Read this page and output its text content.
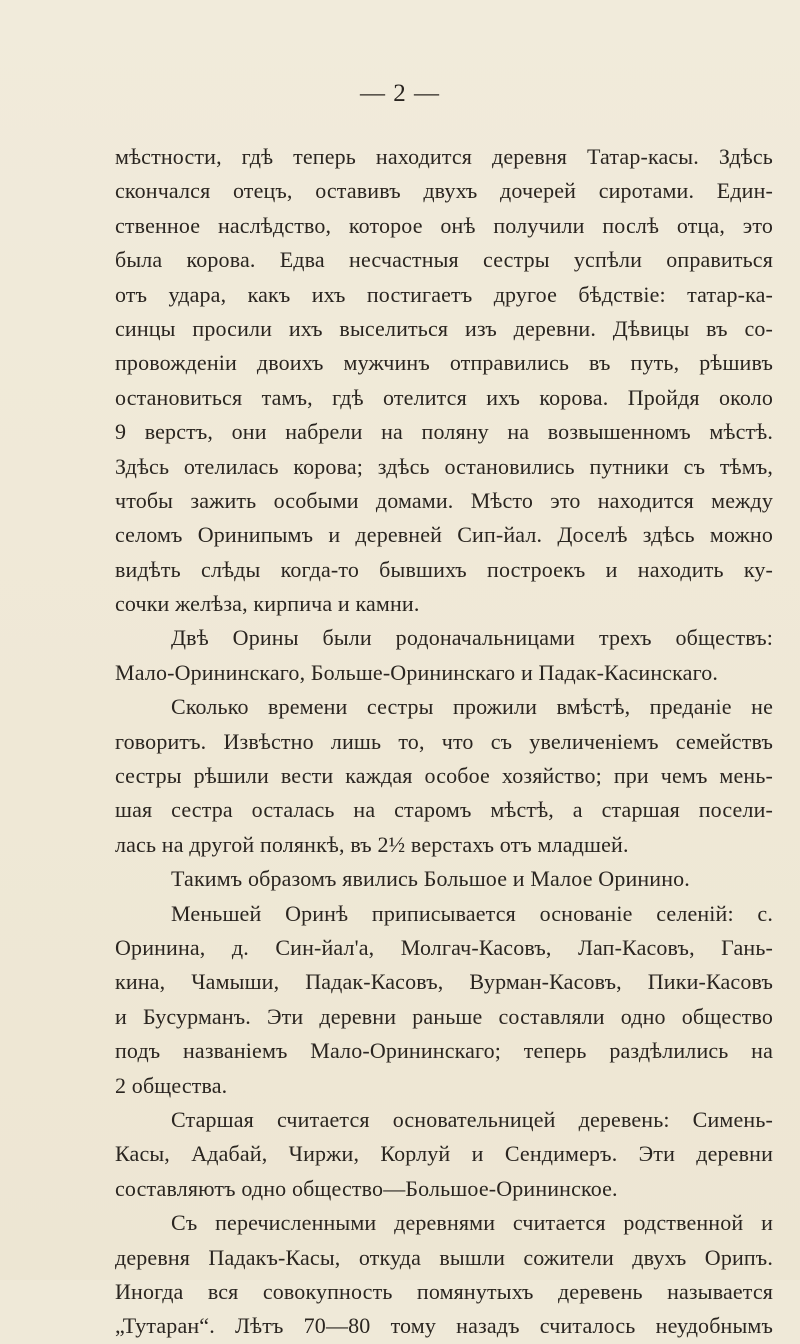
— 2 —
мѣстности, гдѣ теперь находится деревня Татар-касы. Здѣсь
скончался отецъ, оставивъ двухъ дочерей сиротами. Един-
ственное наслѣдство, которое онѣ получили послѣ отца, это
была корова. Едва несчастныя сестры успѣли оправиться
отъ удара, какъ ихъ постигаетъ другое бѣдствіе: татар-ка-
синцы просили ихъ выселиться изъ деревни. Дѣвицы въ со-
провожденіи двоихъ мужчинъ отправились въ путь, рѣшивъ
остановиться тамъ, гдѣ отелится ихъ корова. Пройдя около
9 верстъ, они набрели на поляну на возвышенномъ мѣстѣ.
Здѣсь отелилась корова; здѣсь остановились путники съ тѣмъ,
чтобы зажить особыми домами. Мѣсто это находится между
селомъ Оринипымъ и деревней Сип-йал. Доселѣ здѣсь можно
видѣть слѣды когда-то бывшихъ построекъ и находить ку-
сочки желѣза, кирпича и камни.
Двѣ Орины были родоначальницами трехъ обществъ:
Мало-Орининскаго, Больше-Орининскаго и Падак-Касинскаго.
Сколько времени сестры прожили вмѣстѣ, преданіе не
говоритъ. Извѣстно лишь то, что съ увеличеніемъ семействъ
сестры рѣшили вести каждая особое хозяйство; при чемъ мень-
шая сестра осталась на старомъ мѣстѣ, а старшая посели-
лась на другой полянкѣ, въ 2½ верстахъ отъ младшей.
Такимъ образомъ явились Большое и Малое Оринино.
Меньшей Оринѣ приписывается основаніе селеній: с.
Оринина, д. Син-йал'а, Молгач-Касовъ, Лап-Касовъ, Гань-
кина, Чамыши, Падак-Касовъ, Вурман-Касовъ, Пики-Касовъ
и Бусурманъ. Эти деревни раньше составляли одно общество
подъ названіемъ Мало-Орининскаго; теперь раздѣлились на
2 общества.
Старшая считается основательницей деревень: Симень-
Касы, Адабай, Чиржи, Корлуй и Сендимеръ. Эти деревни
составляютъ одно общество—Большое-Орининское.
Съ перечисленными деревнями считается родственной и
деревня Падакъ-Касы, откуда вышли сожители двухъ Орипъ.
Иногда вся совокупность помянутыхъ деревень называется
„Тутаран“. Лѣтъ 70—80 тому назадъ считалось неудобнымъ
